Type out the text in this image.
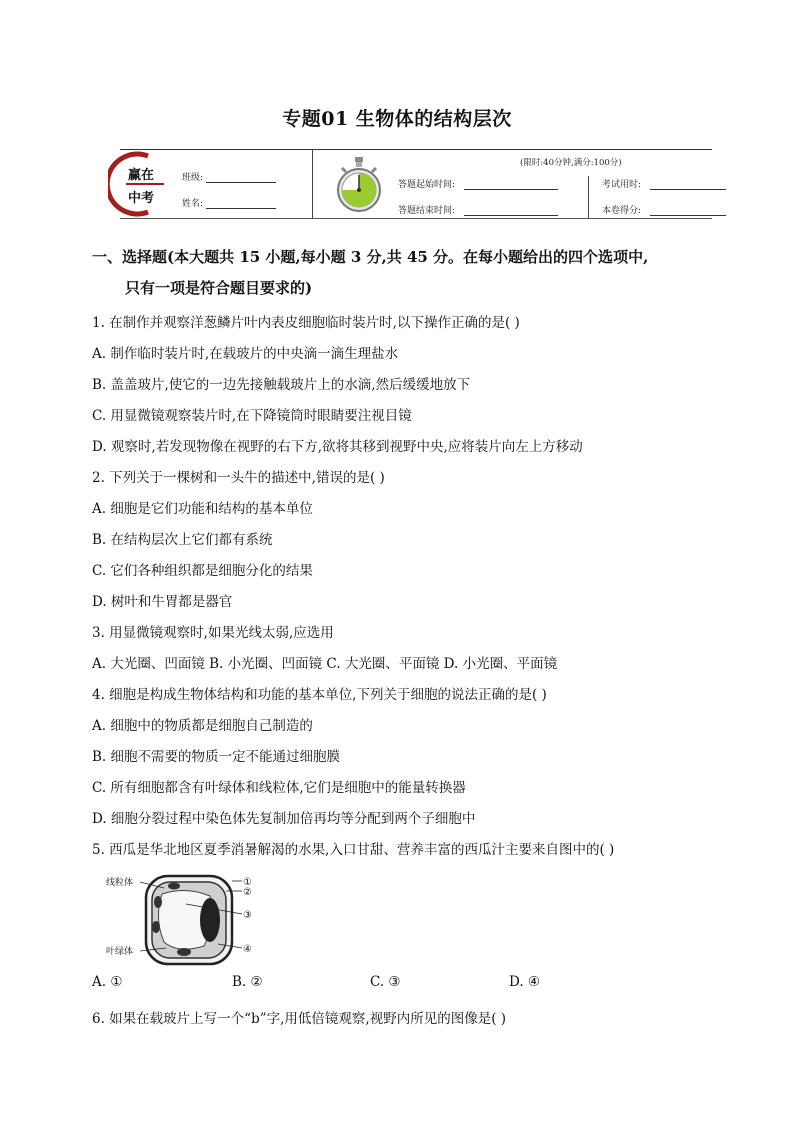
专题01 生物体的结构层次
赢在
中考
班级:
姓名:
(限时:40分钟,满分:100分)
答题起始时间:
答题结束时间:
考试用时:
本卷得分:
一、选择题(本大题共 15 小题,每小题 3 分,共 45 分。在每小题给出的四个选项中,
只有一项是符合题目要求的)
1. 在制作并观察洋葱鳞片叶内表皮细胞临时装片时,以下操作正确的是( )
A. 制作临时装片时,在载玻片的中央滴一滴生理盐水
B. 盖盖玻片,使它的一边先接触载玻片上的水滴,然后缓缓地放下
C. 用显微镜观察装片时,在下降镜筒时眼睛要注视目镜
D. 观察时,若发现物像在视野的右下方,欲将其移到视野中央,应将装片向左上方移动
2. 下列关于一棵树和一头牛的描述中,错误的是( )
A. 细胞是它们功能和结构的基本单位
B. 在结构层次上它们都有系统
C. 它们各种组织都是细胞分化的结果
D. 树叶和牛胃都是器官
3. 用显微镜观察时,如果光线太弱,应选用
A. 大光圈、凹面镜 B. 小光圈、凹面镜 C. 大光圈、平面镜 D. 小光圈、平面镜
4. 细胞是构成生物体结构和功能的基本单位,下列关于细胞的说法正确的是( )
A. 细胞中的物质都是细胞自己制造的
B. 细胞不需要的物质一定不能通过细胞膜
C. 所有细胞都含有叶绿体和线粒体,它们是细胞中的能量转换器
D. 细胞分裂过程中染色体先复制加倍再均等分配到两个子细胞中
5. 西瓜是华北地区夏季消暑解渴的水果,入口甘甜、营养丰富的西瓜汁主要来自图中的( )
线粒体
叶绿体
①
②
③
④
A. ①	B. ②	C. ③	D. ④
6. 如果在载玻片上写一个“b”字,用低倍镜观察,视野内所见的图像是( )
